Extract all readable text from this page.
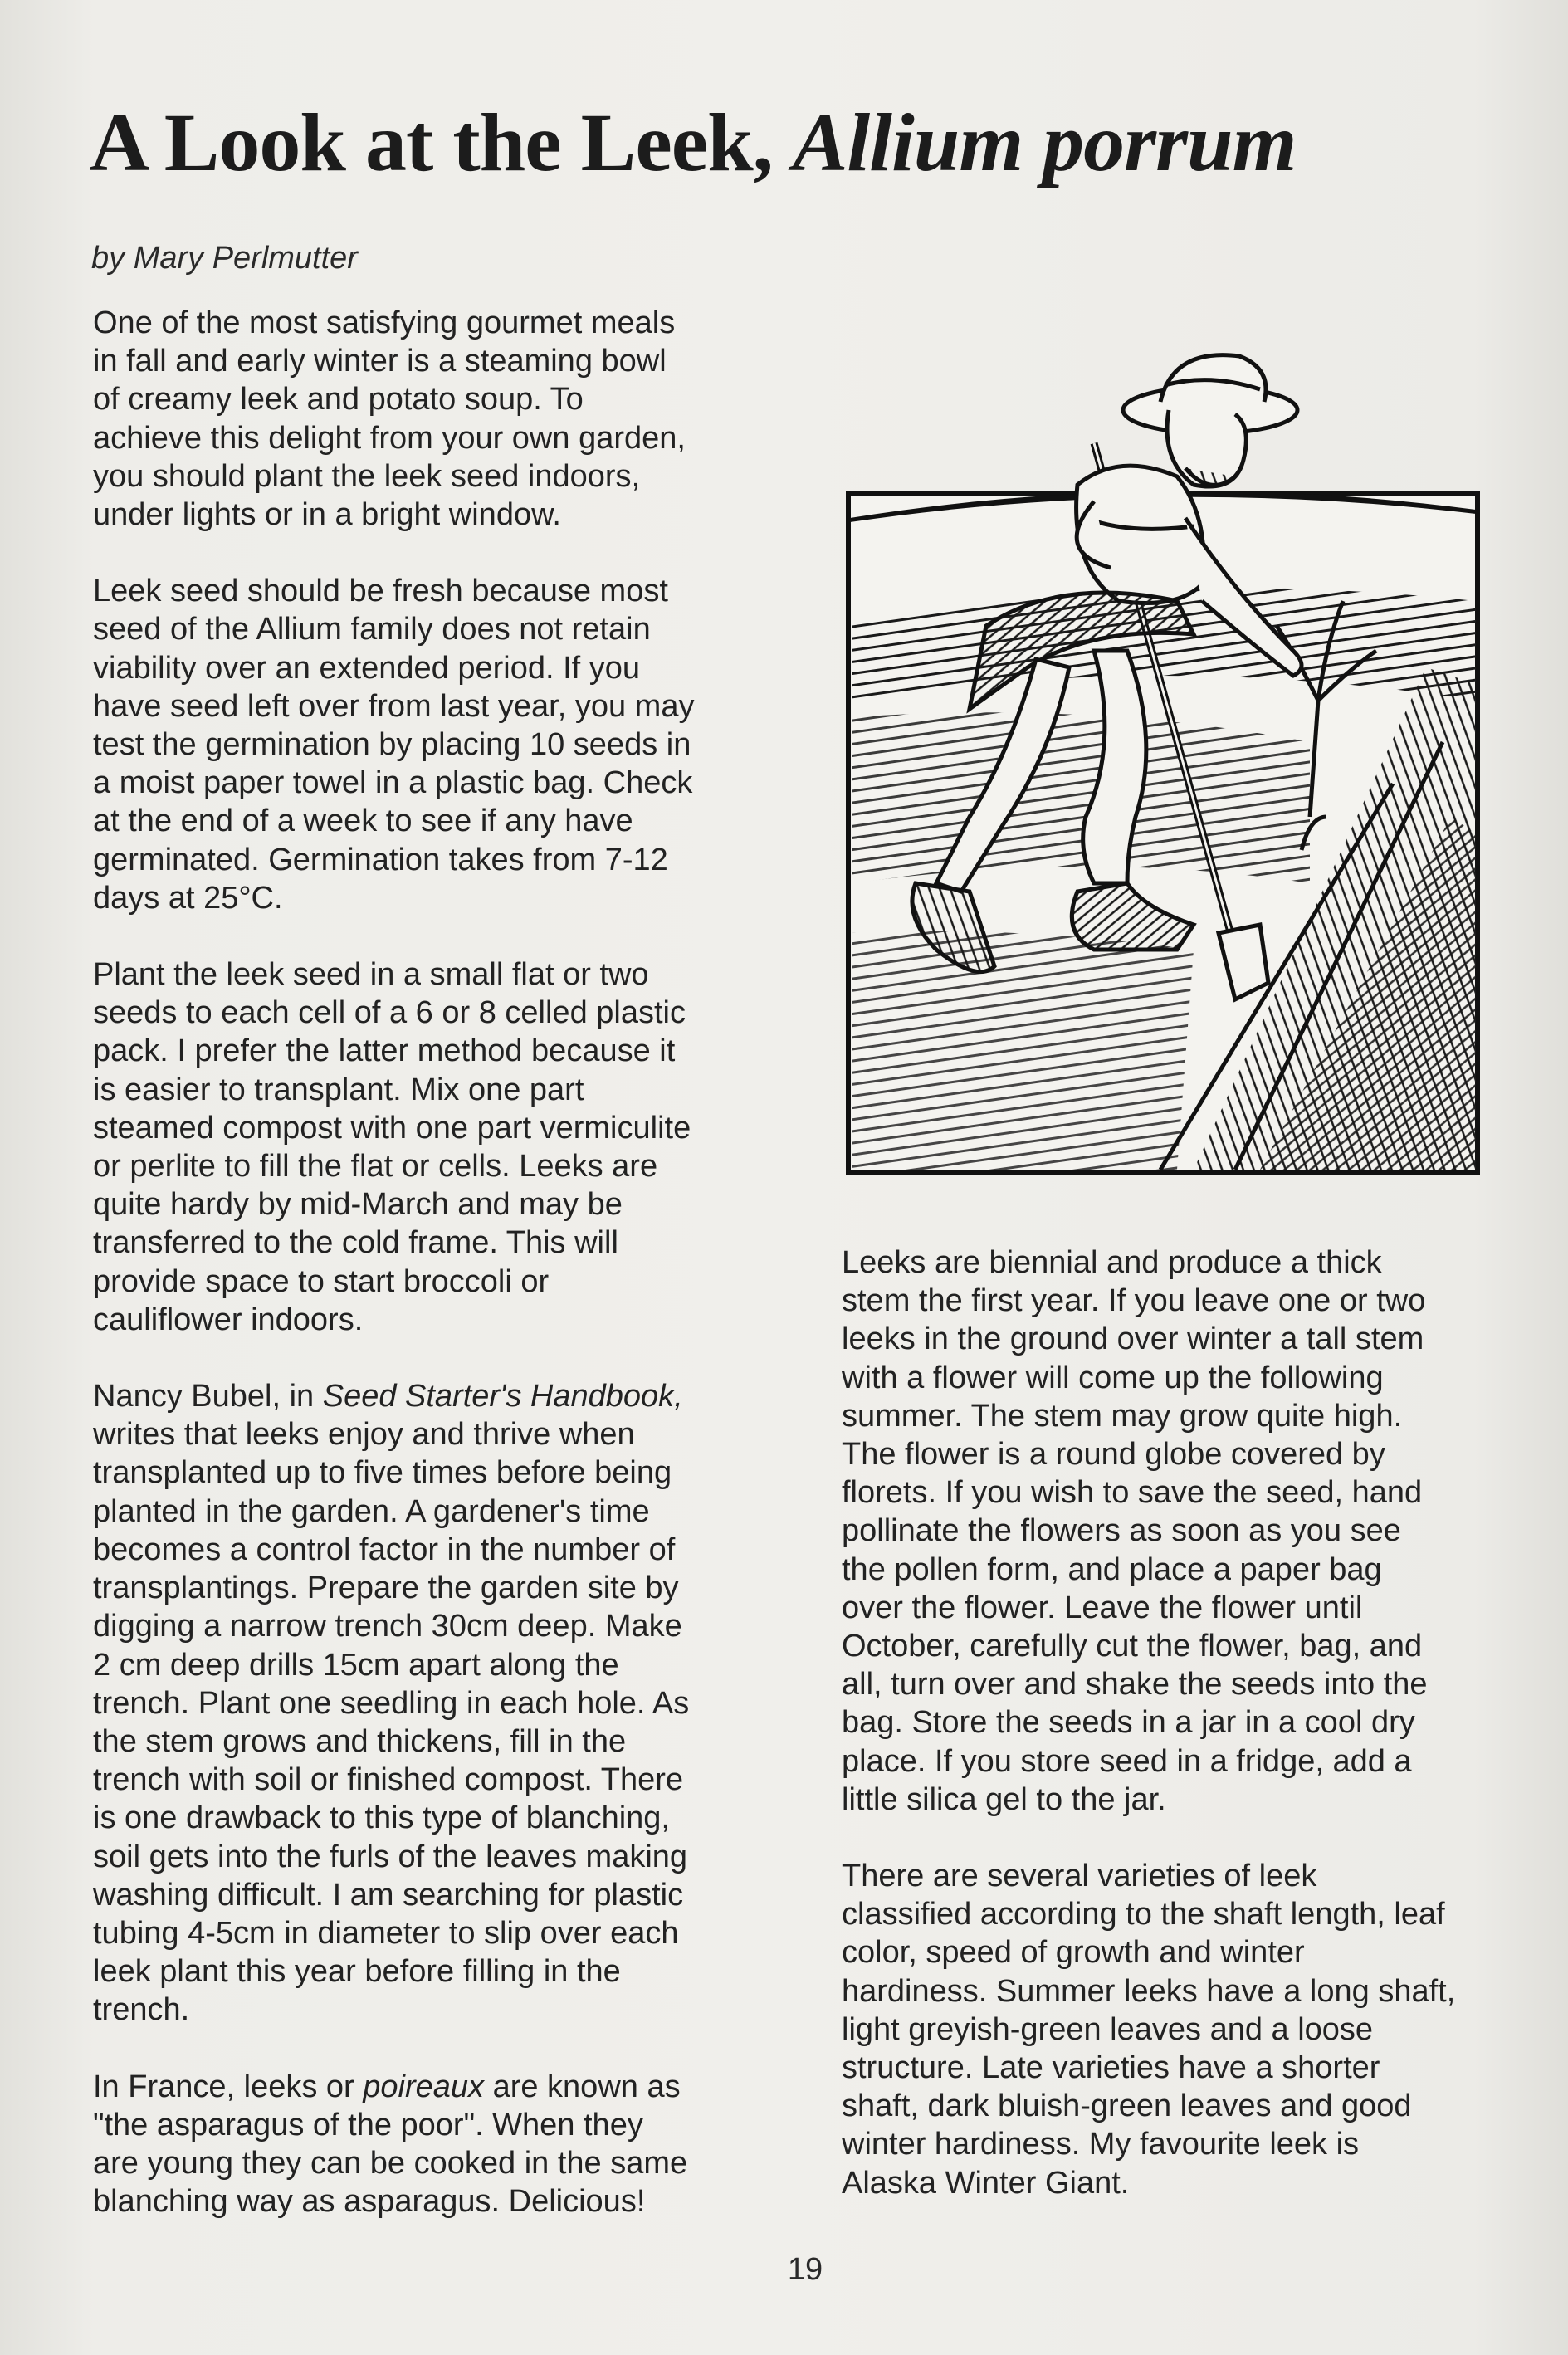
A Look at the Leek, Allium porrum
by Mary Perlmutter

One of the most satisfying gourmet meals
in fall and early winter is a steaming bowl
of creamy leek and potato soup. To
achieve this delight from your own garden,
you should plant the leek seed indoors,
under lights or in a bright window.

Leek seed should be fresh because most
seed of the Allium family does not retain
viability over an extended period. If you
have seed left over from last year, you may
test the germination by placing 10 seeds in
a moist paper towel in a plastic bag. Check
at the end of a week to see if any have
germinated. Germination takes from 7-12
days at 25°C.

Plant the leek seed in a small flat or two
seeds to each cell of a 6 or 8 celled plastic
pack. I prefer the latter method because it
is easier to transplant. Mix one part
steamed compost with one part vermiculite
or perlite to fill the flat or cells. Leeks are
quite hardy by mid-March and may be
transferred to the cold frame. This will
provide space to start broccoli or
cauliflower indoors.

Nancy Bubel, in Seed Starter's Handbook,
writes that leeks enjoy and thrive when
transplanted up to five times before being
planted in the garden. A gardener's time
becomes a control factor in the number of
transplantings. Prepare the garden site by
digging a narrow trench 30cm deep. Make
2 cm deep drills 15cm apart along the
trench. Plant one seedling in each hole. As
the stem grows and thickens, fill in the
trench with soil or finished compost. There
is one drawback to this type of blanching,
soil gets into the furls of the leaves making
washing difficult. I am searching for plastic
tubing 4-5cm in diameter to slip over each
leek plant this year before filling in the
trench.

In France, leeks or poireaux are known as
"the asparagus of the poor". When they
are young they can be cooked in the same
blanching way as asparagus. Delicious!

Leeks are biennial and produce a thick
stem the first year. If you leave one or two
leeks in the ground over winter a tall stem
with a flower will come up the following
summer. The stem may grow quite high.
The flower is a round globe covered by
florets. If you wish to save the seed, hand
pollinate the flowers as soon as you see
the pollen form, and place a paper bag
over the flower. Leave the flower until
October, carefully cut the flower, bag, and
all, turn over and shake the seeds into the
bag. Store the seeds in a jar in a cool dry
place. If you store seed in a fridge, add a
little silica gel to the jar.

There are several varieties of leek
classified according to the shaft length, leaf
color, speed of growth and winter
hardiness. Summer leeks have a long shaft,
light greyish-green leaves and a loose
structure. Late varieties have a shorter
shaft, dark bluish-green leaves and good
winter hardiness. My favourite leek is
Alaska Winter Giant.

19
